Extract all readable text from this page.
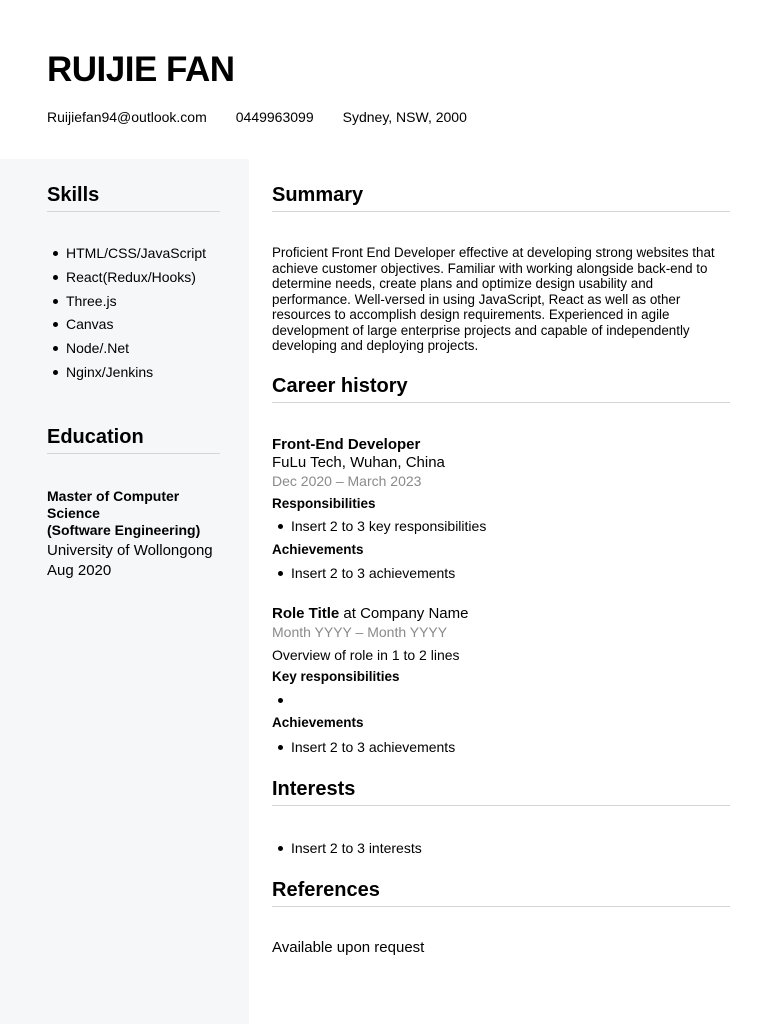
RUIJIE FAN
Ruijiefan94@outlook.com 0449963099 Sydney, NSW, 2000
Skills
HTML/CSS/JavaScript
React(Redux/Hooks)
Three.js
Canvas
Node/.Net
Nginx/Jenkins
Education
Master of Computer Science
(Software Engineering)
University of Wollongong
Aug 2020
Summary
Proficient Front End Developer effective at developing strong websites that achieve customer objectives. Familiar with working alongside back-end to determine needs, create plans and optimize design usability and performance. Well-versed in using JavaScript, React as well as other resources to accomplish design requirements. Experienced in agile development of large enterprise projects and capable of independently developing and deploying projects.
Career history
Front-End Developer
FuLu Tech, Wuhan, China
Dec 2020 – March 2023
Responsibilities
Insert 2 to 3 key responsibilities
Achievements
Insert 2 to 3 achievements
Role Title at Company Name
Month YYYY – Month YYYY
Overview of role in 1 to 2 lines
Key responsibilities
Achievements
Insert 2 to 3 achievements
Interests
Insert 2 to 3 interests
References
Available upon request
